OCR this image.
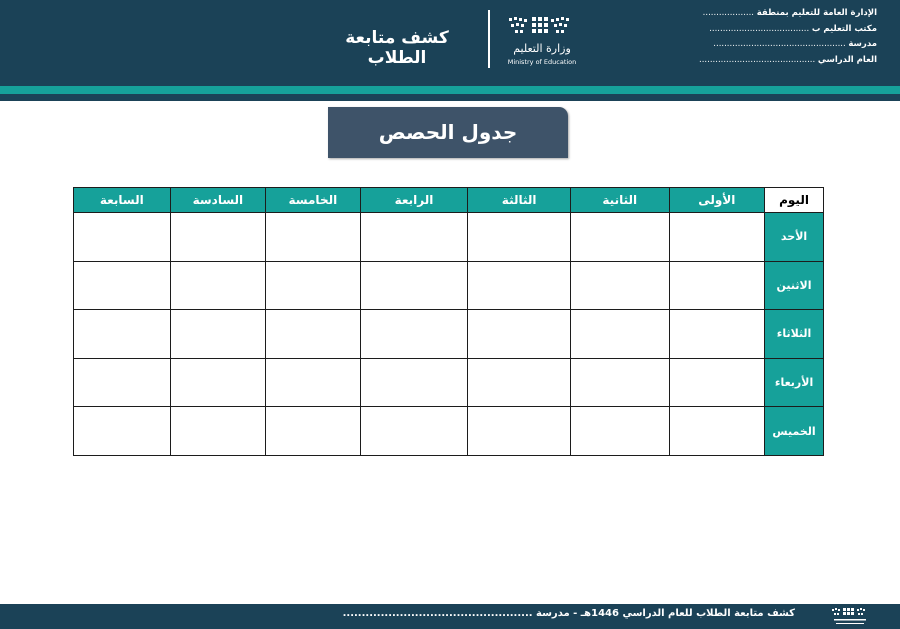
الإدارة العامة للتعليم بمنطقة ...................
مكتب التعليم ب .....................................
مدرسة .................................................
العام الدراسي ...........................................
وزارة التعليم
Ministry of Education
كشف متابعة الطلاب
جدول الحصص
اليوم	الأولى	الثانية	الثالثة	الرابعة	الخامسة	السادسة	السابعة
الأحد							
الاثنين							
الثلاثاء							
الأربعاء							
الخميس							
كشف متابعة الطلاب للعام الدراسي 1446هـ - مدرسة ..................................................
